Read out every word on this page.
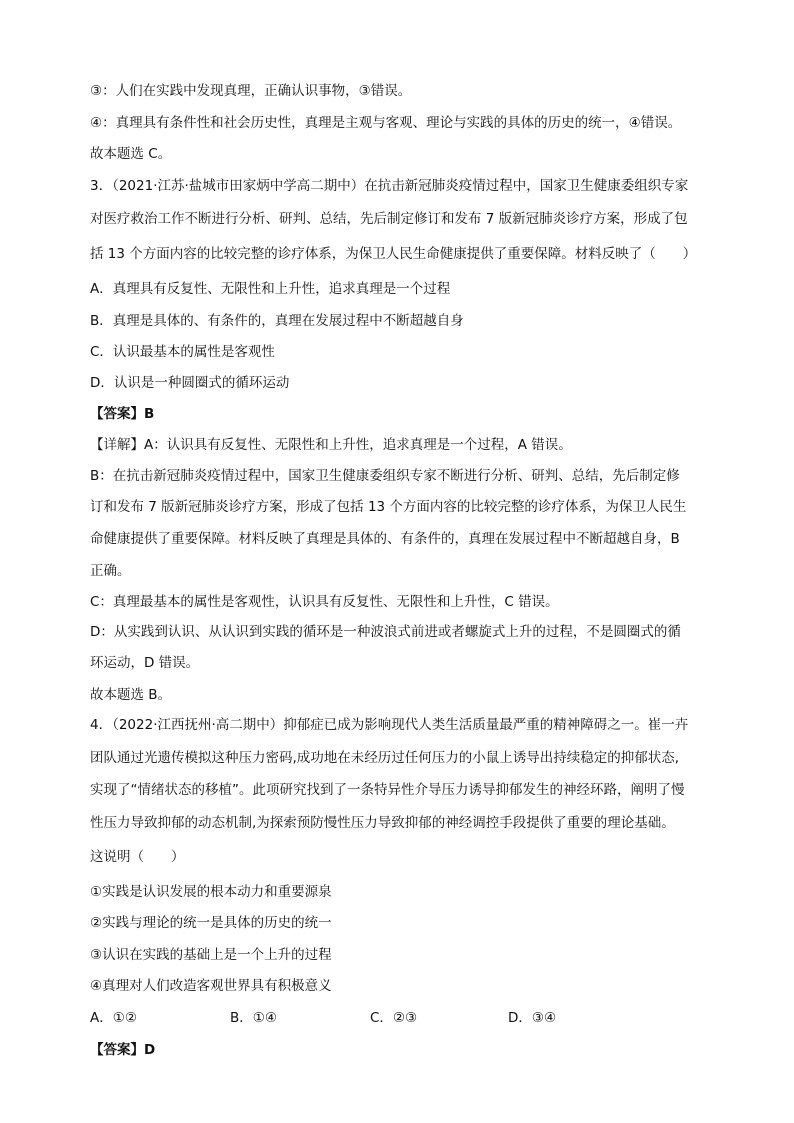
③：人们在实践中发现真理，正确认识事物，③错误。

④：真理具有条件性和社会历史性，真理是主观与客观、理论与实践的具体的历史的统一，④错误。

故本题选 C。

3．（2021·江苏·盐城市田家炳中学高二期中）在抗击新冠肺炎疫情过程中，国家卫生健康委组织专家

对医疗救治工作不断进行分析、研判、总结，先后制定修订和发布 7 版新冠肺炎诊疗方案，形成了包

括 13 个方面内容的比较完整的诊疗体系，为保卫人民生命健康提供了重要保障。材料反映了（　　）

A．真理具有反复性、无限性和上升性，追求真理是一个过程

B．真理是具体的、有条件的，真理在发展过程中不断超越自身

C．认识最基本的属性是客观性

D．认识是一种圆圈式的循环运动

【答案】B

【详解】A：认识具有反复性、无限性和上升性，追求真理是一个过程，A 错误。

B：在抗击新冠肺炎疫情过程中，国家卫生健康委组织专家不断进行分析、研判、总结，先后制定修

订和发布 7 版新冠肺炎诊疗方案，形成了包括 13 个方面内容的比较完整的诊疗体系，为保卫人民生

命健康提供了重要保障。材料反映了真理是具体的、有条件的，真理在发展过程中不断超越自身，B

正确。

C：真理最基本的属性是客观性，认识具有反复性、无限性和上升性，C 错误。

D：从实践到认识、从认识到实践的循环是一种波浪式前进或者螺旋式上升的过程，不是圆圈式的循

环运动，D 错误。

故本题选 B。

4．（2022·江西抚州·高二期中）抑郁症已成为影响现代人类生活质量最严重的精神障碍之一。崔一卉

团队通过光遗传模拟这种压力密码,成功地在未经历过任何压力的小鼠上诱导出持续稳定的抑郁状态,

实现了“情绪状态的移植”。此项研究找到了一条特异性介导压力诱导抑郁发生的神经环路，阐明了慢

性压力导致抑郁的动态机制,为探索预防慢性压力导致抑郁的神经调控手段提供了重要的理论基础。

这说明（　　）

①实践是认识发展的根本动力和重要源泉

②实践与理论的统一是具体的历史的统一

③认识在实践的基础上是一个上升的过程

④真理对人们改造客观世界具有积极意义

A．①②	B．①④	C．②③	D．③④

【答案】D
